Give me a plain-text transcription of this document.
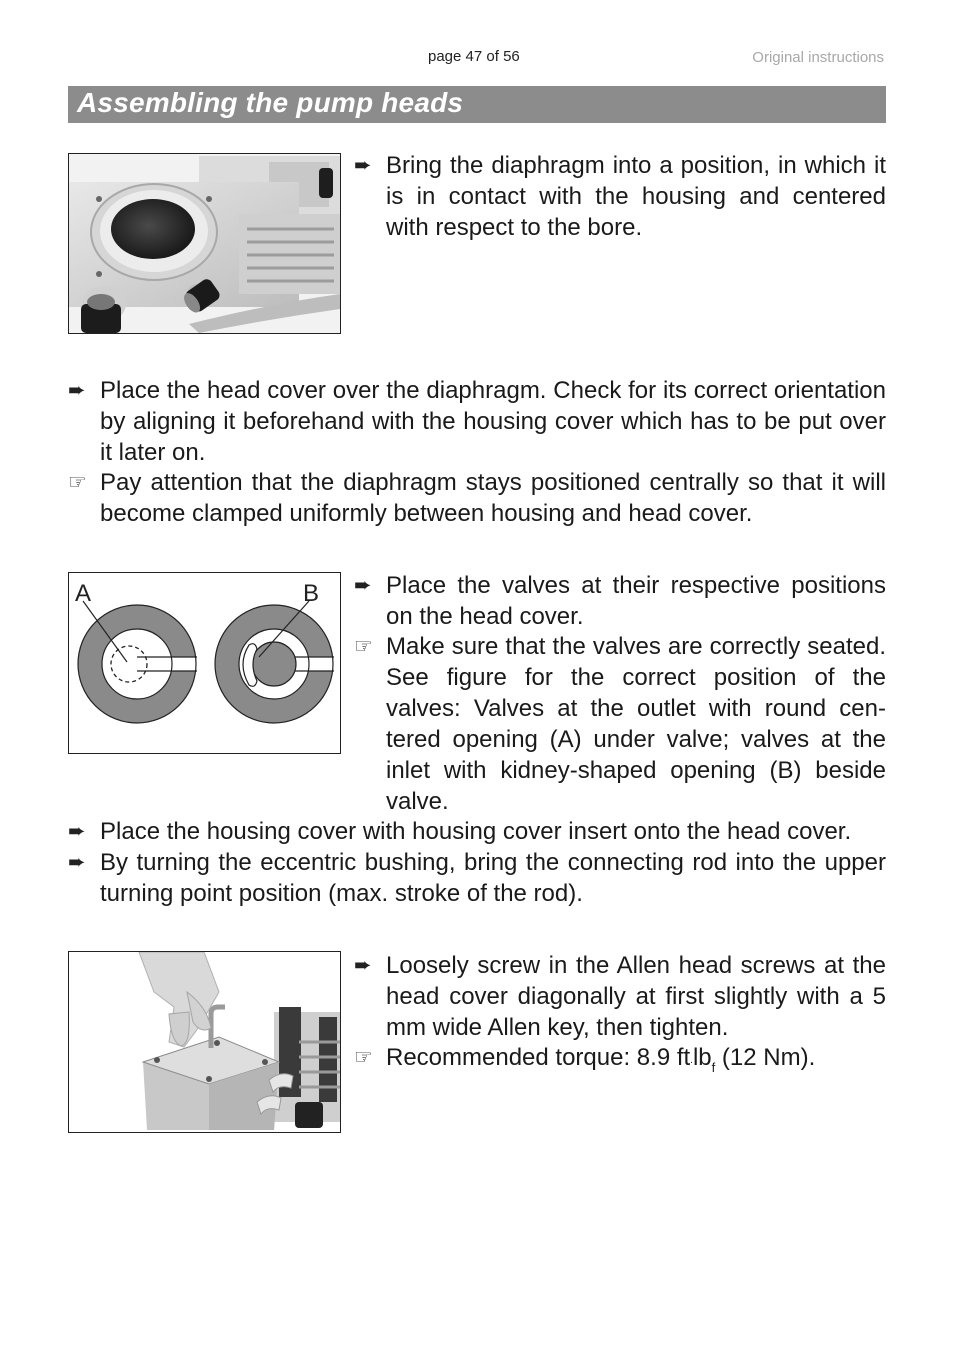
page 47 of 56	Original instructions
Assembling the pump heads
➨ Bring the diaphragm into a position, in which it is in contact with the housing and centered with respect to the bore.
➨ Place the head cover over the diaphragm. Check for its correct orientation by aligning it beforehand with the housing cover which has to be put over it later on.
☞ Pay attention that the diaphragm stays positioned centrally so that it will become clamped uniformly between housing and head cover.
A	B ➨ Place the valves at their respective positions on the head cover.
☞ Make sure that the valves are correctly seated. See figure for the correct position of the valves: Valves at the outlet with round centered opening (A) under valve; valves at the inlet with kidney-shaped opening (B) beside valve.
➨ Place the housing cover with housing cover insert onto the head cover.
➨ By turning the eccentric bushing, bring the connecting rod into the upper turning point position (max. stroke of the rod).
➨ Loosely screw in the Allen head screws at the head cover diagonally at first slightly with a 5 mm wide Allen key, then tighten.
☞ Recommended torque: 8.9 $ft.lb_f$ (12 Nm).
